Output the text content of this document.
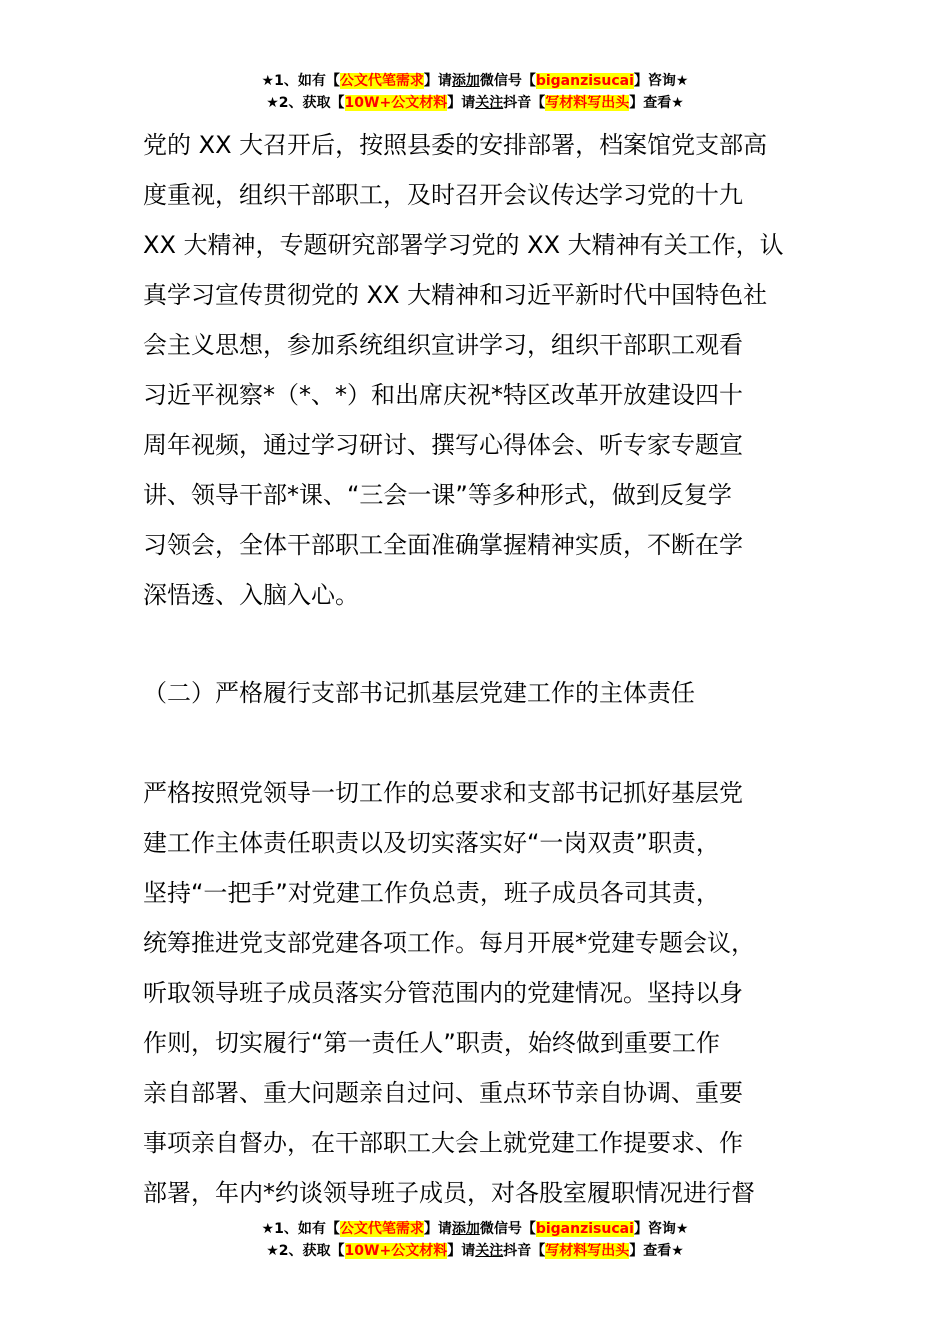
★1、如有【公文代笔需求】请添加微信号【biganzisucai】咨询★
★2、获取【10W+公文材料】请关注抖音【写材料写出头】查看★
党的 XX 大召开后，按照县委的安排部署，档案馆党支部高
度重视，组织干部职工，及时召开会议传达学习党的十九
XX 大精神，专题研究部署学习党的 XX 大精神有关工作，认
真学习宣传贯彻党的 XX 大精神和习近平新时代中国特色社
会主义思想，参加系统组织宣讲学习，组织干部职工观看
习近平视察*（*、*）和出席庆祝*特区改革开放建设四十
周年视频，通过学习研讨、撰写心得体会、听专家专题宣
讲、领导干部*课、“三会一课”等多种形式，做到反复学
习领会，全体干部职工全面准确掌握精神实质，不断在学
深悟透、入脑入心。
（二）严格履行支部书记抓基层党建工作的主体责任
严格按照党领导一切工作的总要求和支部书记抓好基层党
建工作主体责任职责以及切实落实好“一岗双责”职责，
坚持“一把手”对党建工作负总责，班子成员各司其责，
统筹推进党支部党建各项工作。每月开展*党建专题会议，
听取领导班子成员落实分管范围内的党建情况。坚持以身
作则，切实履行“第一责任人”职责，始终做到重要工作
亲自部署、重大问题亲自过问、重点环节亲自协调、重要
事项亲自督办，在干部职工大会上就党建工作提要求、作
部署，年内*约谈领导班子成员，对各股室履职情况进行督
★1、如有【公文代笔需求】请添加微信号【biganzisucai】咨询★
★2、获取【10W+公文材料】请关注抖音【写材料写出头】查看★
